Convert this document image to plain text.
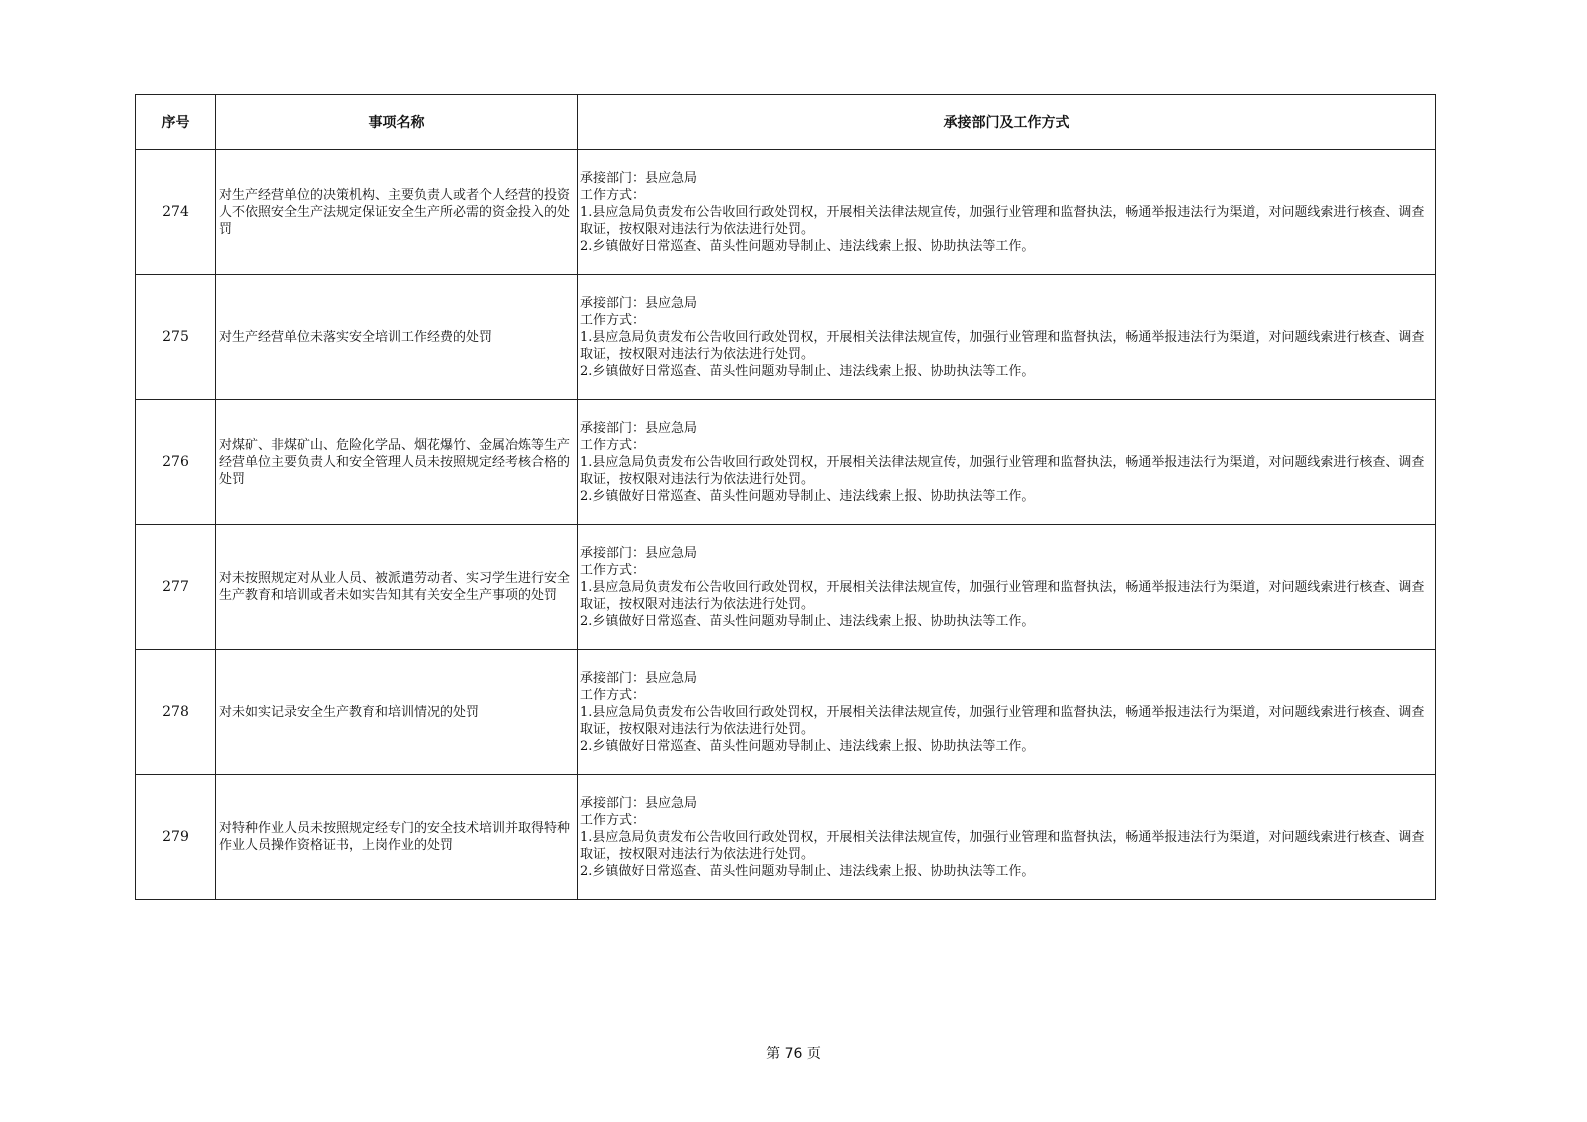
序号	事项名称	承接部门及工作方式
274	对生产经营单位的决策机构、主要负责人或者个人经营的投资人不依照安全生产法规定保证安全生产所必需的资金投入的处罚	承接部门：县应急局
工作方式：
1.县应急局负责发布公告收回行政处罚权，开展相关法律法规宣传，加强行业管理和监督执法，畅通举报违法行为渠道，对问题线索进行核查、调查取证，按权限对违法行为依法进行处罚。
2.乡镇做好日常巡查、苗头性问题劝导制止、违法线索上报、协助执法等工作。

275	对生产经营单位未落实安全培训工作经费的处罚	承接部门：县应急局
工作方式：
1.县应急局负责发布公告收回行政处罚权，开展相关法律法规宣传，加强行业管理和监督执法，畅通举报违法行为渠道，对问题线索进行核查、调查取证，按权限对违法行为依法进行处罚。
2.乡镇做好日常巡查、苗头性问题劝导制止、违法线索上报、协助执法等工作。

276	对煤矿、非煤矿山、危险化学品、烟花爆竹、金属冶炼等生产经营单位主要负责人和安全管理人员未按照规定经考核合格的处罚	承接部门：县应急局
工作方式：
1.县应急局负责发布公告收回行政处罚权，开展相关法律法规宣传，加强行业管理和监督执法，畅通举报违法行为渠道，对问题线索进行核查、调查取证，按权限对违法行为依法进行处罚。
2.乡镇做好日常巡查、苗头性问题劝导制止、违法线索上报、协助执法等工作。

277	对未按照规定对从业人员、被派遣劳动者、实习学生进行安全生产教育和培训或者未如实告知其有关安全生产事项的处罚	承接部门：县应急局
工作方式：
1.县应急局负责发布公告收回行政处罚权，开展相关法律法规宣传，加强行业管理和监督执法，畅通举报违法行为渠道，对问题线索进行核查、调查取证，按权限对违法行为依法进行处罚。
2.乡镇做好日常巡查、苗头性问题劝导制止、违法线索上报、协助执法等工作。

278	对未如实记录安全生产教育和培训情况的处罚	承接部门：县应急局
工作方式：
1.县应急局负责发布公告收回行政处罚权，开展相关法律法规宣传，加强行业管理和监督执法，畅通举报违法行为渠道，对问题线索进行核查、调查取证，按权限对违法行为依法进行处罚。
2.乡镇做好日常巡查、苗头性问题劝导制止、违法线索上报、协助执法等工作。

279	对特种作业人员未按照规定经专门的安全技术培训并取得特种作业人员操作资格证书，上岗作业的处罚	承接部门：县应急局
工作方式：
1.县应急局负责发布公告收回行政处罚权，开展相关法律法规宣传，加强行业管理和监督执法，畅通举报违法行为渠道，对问题线索进行核查、调查取证，按权限对违法行为依法进行处罚。
2.乡镇做好日常巡查、苗头性问题劝导制止、违法线索上报、协助执法等工作。
第 76 页
